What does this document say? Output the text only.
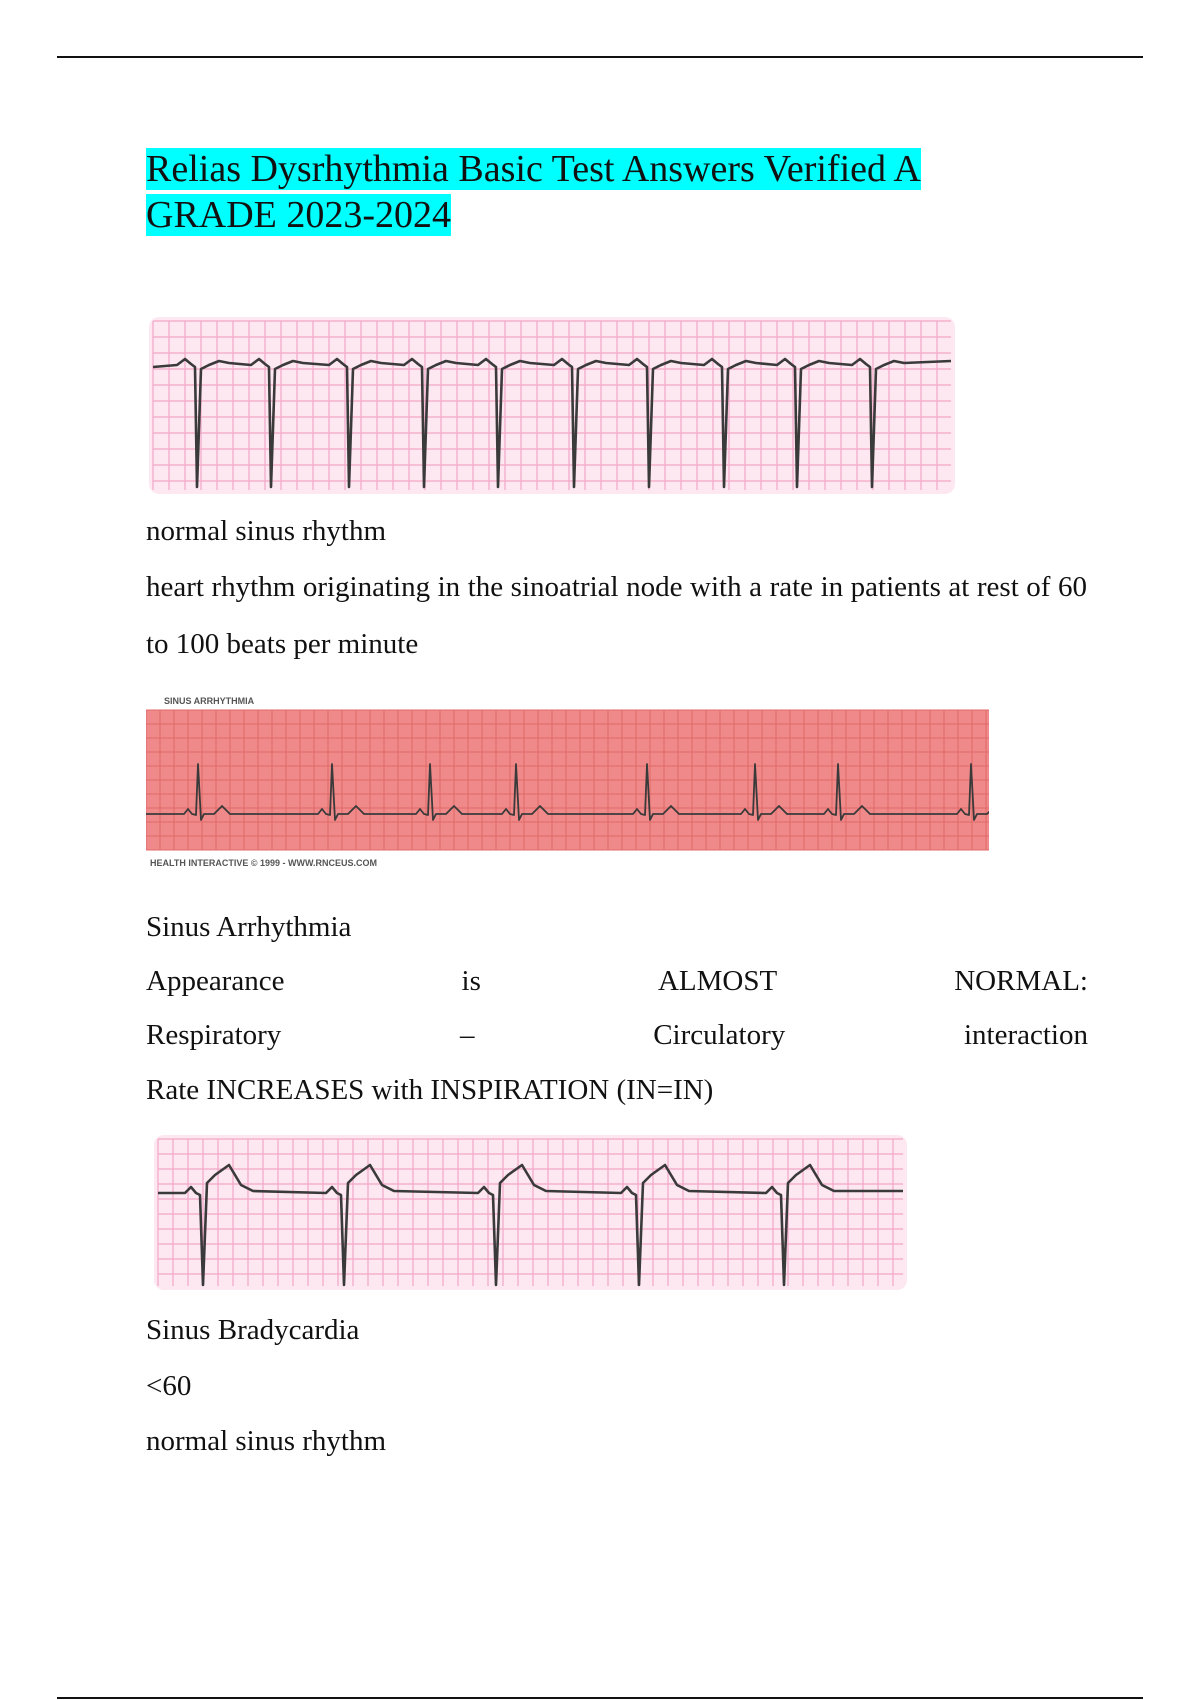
Relias Dysrhythmia Basic Test Answers Verified A GRADE 2023-2024
normal sinus rhythm
heart rhythm originating in the sinoatrial node with a rate in patients at rest of 60 to 100 beats per minute
SINUS ARRHYTHMIA
HEALTH INTERACTIVE © 1999 - WWW.RNCEUS.COM
Sinus Arrhythmia
Appearance	is	ALMOST	NORMAL:
Respiratory	–	Circulatory	interaction
Rate INCREASES with INSPIRATION (IN=IN)
Sinus Bradycardia
<60
normal sinus rhythm
